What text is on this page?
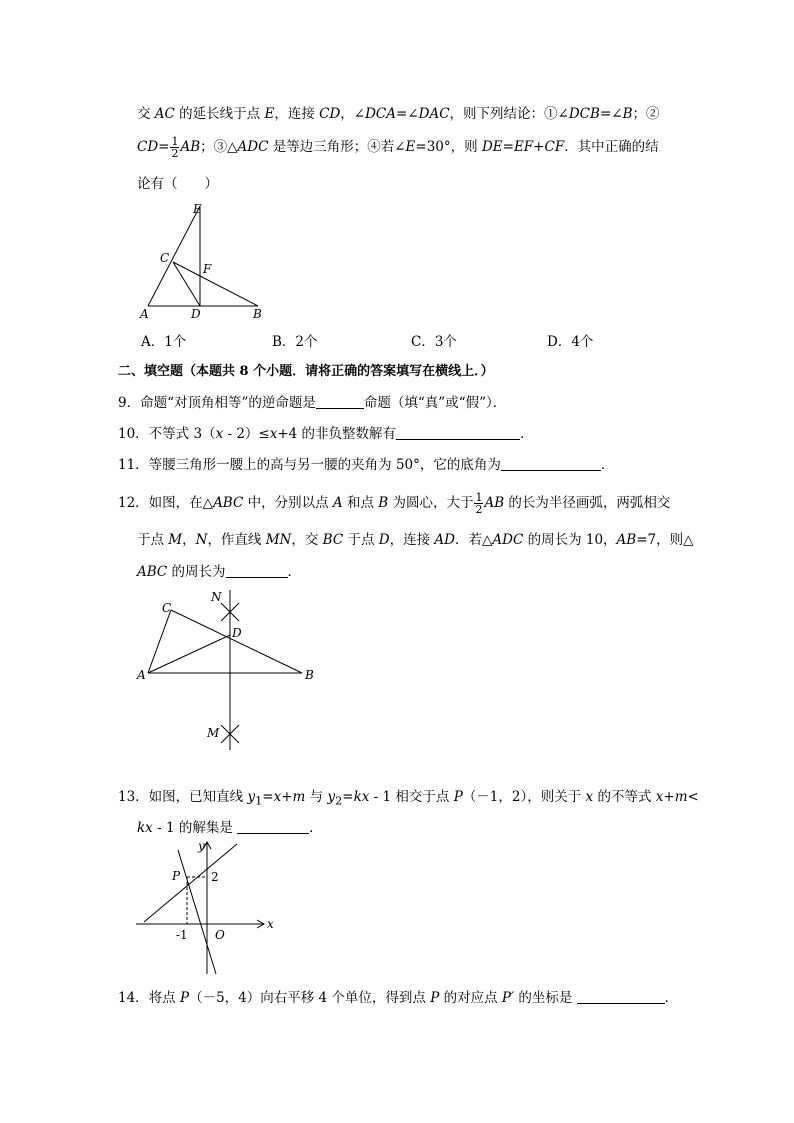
交 AC 的延长线于点 E，连接 CD，∠DCA=∠DAC，则下列结论：①∠DCB=∠B；②
$CD= \frac{1}{2}$ AB；③△ADC 是等边三角形；④若∠E=30°，则 DE=EF+CF．其中正确的结
论有（　　）
E
C
F
A	D	B
A．1个	B．2个	C．3个	D．4个
二、填空题（本题共 8 个小题．请将正确的答案填写在横线上．）
9．命题“对顶角相等”的逆命题是	命题（填“真”或“假”）．
10．不等式 3（x - 2）≤x+4 的非负整数解有	．
11．等腰三角形一腰上的高与另一腰的夹角为 50°，它的底角为	．
12．如图，在△ABC 中，分别以点 A 和点 B 为圆心，大于 $\frac{1}{2}$ AB 的长为半径画弧，两弧相交
于点 M，N，作直线 MN，交 BC 于点 D，连接 AD．若△ADC 的周长为 10，AB=7，则△
ABC 的周长为	．
N
C
D
A	B
M
13．如图，已知直线 $y_1=x+m$ 与 $y_2=kx - 1$ 相交于点 P（－1，2），则关于 x 的不等式 x+m<
kx - 1 的解集是	．
y
x
P	2
-1 O
14．将点 P（－5，4）向右平移 4 个单位，得到点 P 的对应点 P′ 的坐标是	．
